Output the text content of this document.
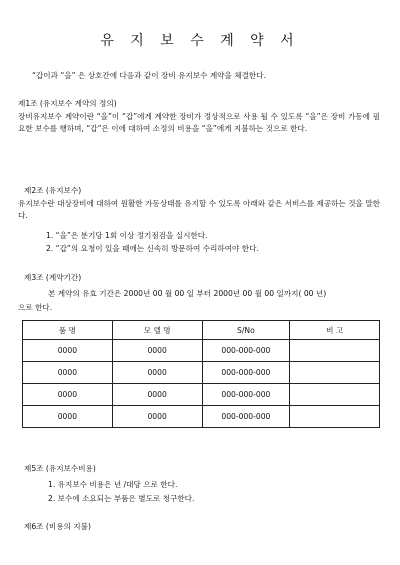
유 지 보 수 계 약 서
“갑이과 “을” 은 상호간에 다음과 같이 장비 유지보수 계약을 체결한다.
제1조 (유지보수 계약의 정의)
장비유지보수 계약이란 “을”이 “갑”에게 계약한 장비가 정상적으로 사용 될 수 있도록 “을”은 장비 가동에 필요한 보수를 행하며, “갑”은 이에 대하여 소정의 비용을 “을”에게 지불하는 것으로 한다.
제2조 (유지보수)
유지보수란 대상장비에 대하여 원활한 가동상태를 유지할 수 있도록 아래와 같은 서비스를 제공하는 것을 말한다.
1. “을”은 분기당 1회 이상 정기점검을 실시한다.
2. “갑”의 요청이 있을 때에는 신속히 방문하여 수리하여야 한다.
제3조 (계약기간)
본 계약의 유효 기간은 2000년 00 월 00 일 부터 2000년 00 월 00 일까지( 00 년)
으로 한다.
품 명	모 델 명	S/No	비 고
0000	0000	000-000-000	
0000	0000	000-000-000	
0000	0000	000-000-000	
0000	0000	000-000-000	
제5조 (유지보수비용)
1. 유지보수 비용은 년 /대당 으로 한다.
2. 보수에 소요되는 부품은 별도로 청구한다.
제6조 (비용의 지불)
